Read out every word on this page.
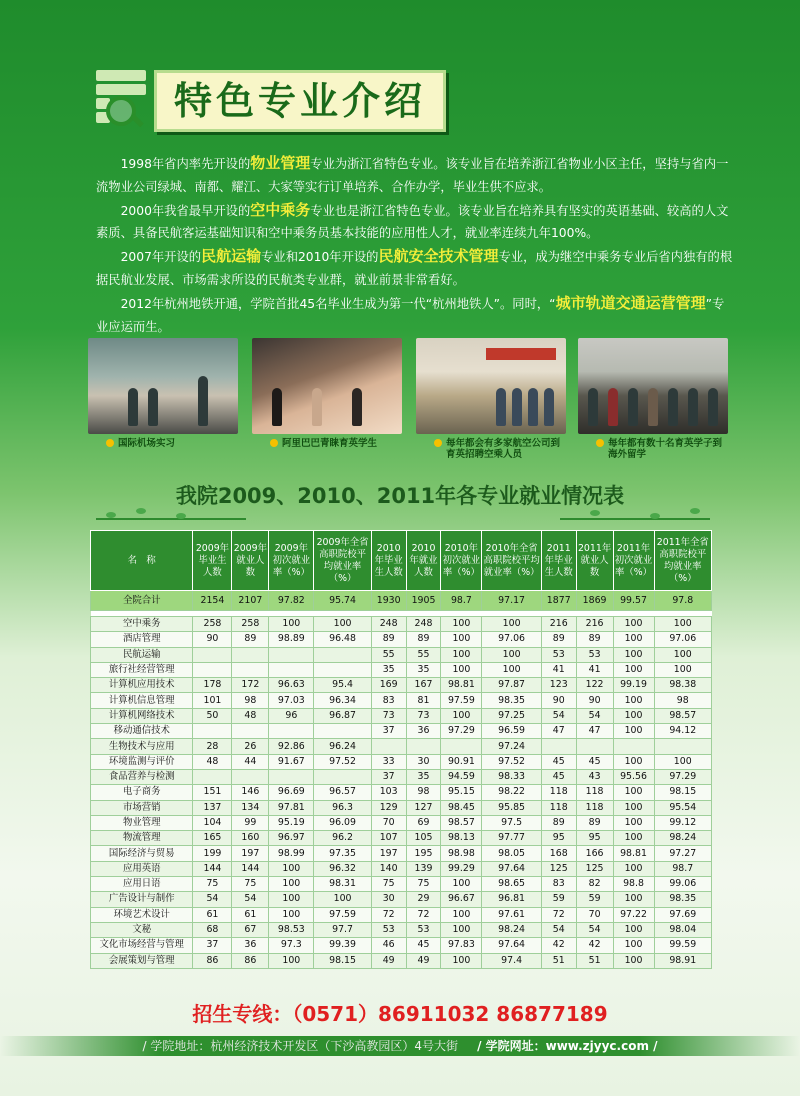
特色专业介绍

1998年省内率先开设的物业管理专业为浙江省特色专业。该专业旨在培养浙江省物业小区主任，坚持与省内一流物业公司绿城、南都、耀江、大家等实行订单培养、合作办学，毕业生供不应求。

2000年我省最早开设的空中乘务专业也是浙江省特色专业。该专业旨在培养具有坚实的英语基础、较高的人文素质、具备民航客运基础知识和空中乘务员基本技能的应用性人才，就业率连续九年100%。

2007年开设的民航运输专业和2010年开设的民航安全技术管理专业，成为继空中乘务专业后省内独有的根据民航业发展、市场需求所设的民航类专业群，就业前景非常看好。

2012年杭州地铁开通，学院首批45名毕业生成为第一代“杭州地铁人”。同时，“城市轨道交通运营管理”专业应运而生。

国际机场实习	阿里巴巴青睐育英学生	每年都会有多家航空公司到育英招聘空乘人员
每年都有数十名育英学子到海外留学
我院2009、2010、2011年各专业就业情况表
名　称	2009年毕业生人数	2009年就业人数	2009年初次就业率（%）	2009年全省高职院校平均就业率（%）	2010年毕业生人数	2010年就业人数	2010年初次就业率（%）	2010年全省高职院校平均就业率（%）	2011年毕业生人数	2011年就业人数	2011年初次就业率（%）	2011年全省高职院校平均就业率（%）
全院合计	2154	2107	97.82	95.74	1930	1905	98.7	97.17	1877	1869	99.57	97.8

空中乘务	258	258	100	100	248	248	100	100	216	216	100	100
酒店管理	90	89	98.89	96.48	89	89	100	97.06	89	89	100	97.06
民航运输					55	55	100	100	53	53	100	100
旅行社经营管理					35	35	100	100	41	41	100	100
计算机应用技术	178	172	96.63	95.4	169	167	98.81	97.87	123	122	99.19	98.38
计算机信息管理	101	98	97.03	96.34	83	81	97.59	98.35	90	90	100	98
计算机网络技术	50	48	96	96.87	73	73	100	97.25	54	54	100	98.57
移动通信技术					37	36	97.29	96.59	47	47	100	94.12
生物技术与应用	28	26	92.86	96.24				97.24				
环境监测与评价	48	44	91.67	97.52	33	30	90.91	97.52	45	45	100	100
食品营养与检测					37	35	94.59	98.33	45	43	95.56	97.29
电子商务	151	146	96.69	96.57	103	98	95.15	98.22	118	118	100	98.15
市场营销	137	134	97.81	96.3	129	127	98.45	95.85	118	118	100	95.54
物业管理	104	99	95.19	96.09	70	69	98.57	97.5	89	89	100	99.12
物流管理	165	160	96.97	96.2	107	105	98.13	97.77	95	95	100	98.24
国际经济与贸易	199	197	98.99	97.35	197	195	98.98	98.05	168	166	98.81	97.27
应用英语	144	144	100	96.32	140	139	99.29	97.64	125	125	100	98.7
应用日语	75	75	100	98.31	75	75	100	98.65	83	82	98.8	99.06
广告设计与制作	54	54	100	100	30	29	96.67	96.81	59	59	100	98.35
环境艺术设计	61	61	100	97.59	72	72	100	97.61	72	70	97.22	97.69
文秘	68	67	98.53	97.7	53	53	100	98.24	54	54	100	98.04
文化市场经营与管理	37	36	97.3	99.39	46	45	97.83	97.64	42	42	100	99.59
会展策划与管理	86	86	100	98.15	49	49	100	97.4	51	51	100	98.91
招生专线：（0571）86911032 86877189
/ 学院地址：杭州经济技术开发区（下沙高教园区）4号大街 / 学院网址：www.zjyyc.com /
